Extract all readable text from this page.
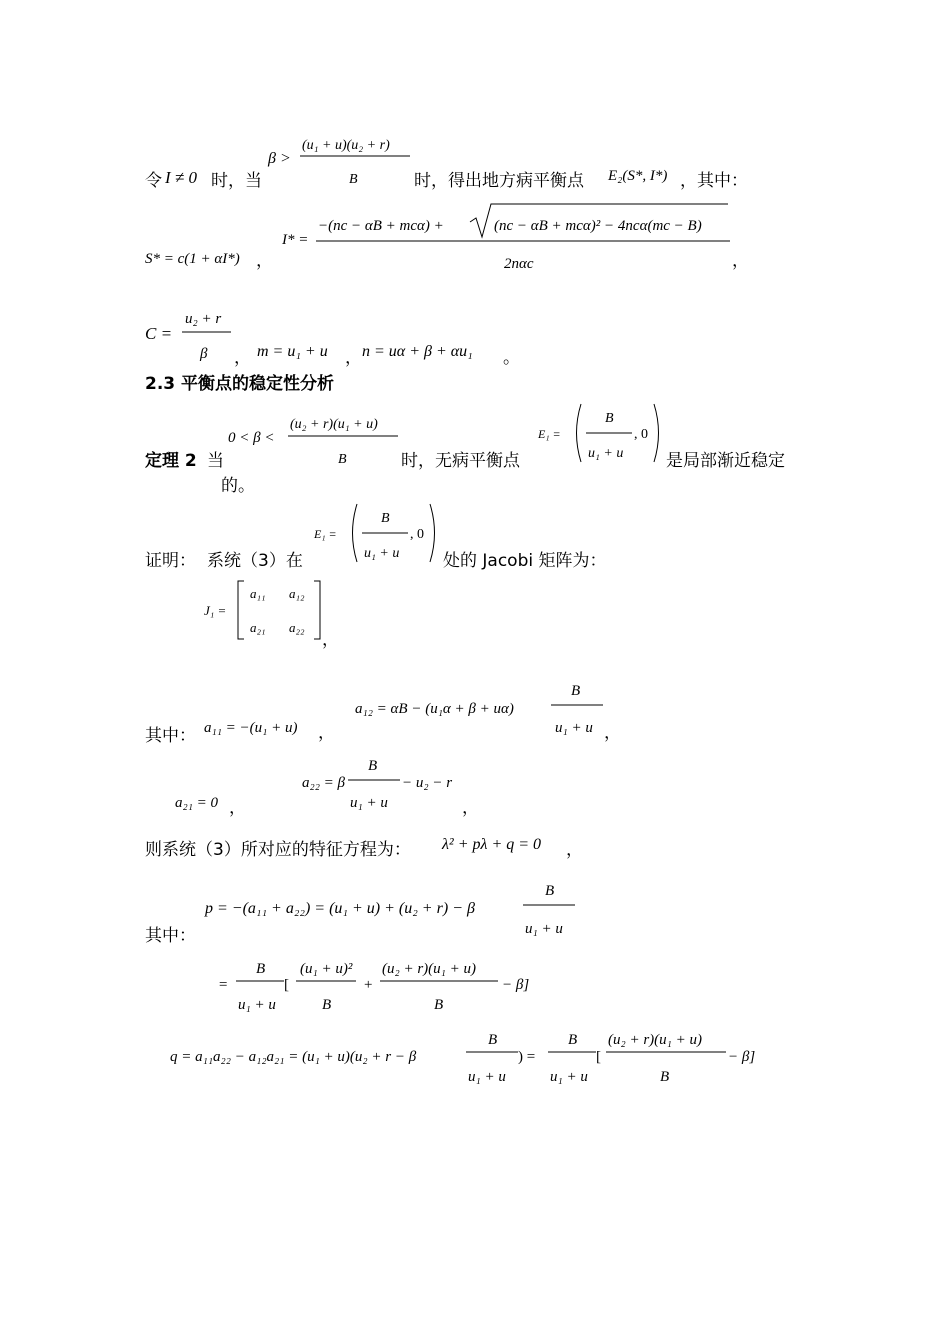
令 I ≠ 0 时，当
β >
(u₁ + u)(u₂ + r)
B	时，得出地方病平衡点 E₂(S*, I*) ，其中：
S* = c(1 + αI*) ，
I* =
−(nc − αB + mcα) +	(nc − αB + mcα)² − 4ncα(mc − B)
2nαc	，
C =
u₂ + r
β ， m = u₁ + u ， n = uα + β + αu₁ 。
2.3 平衡点的稳定性分析
定理 2 当
0 < β <
(u₂ + r)(u₁ + u)
B	时，无病平衡点
E₁ =
B
u₁ + u
, 0
是局部渐近稳定
的。
证明： 系统（3）在
E₁ =
B
u₁ + u
, 0
处的 Jacobi 矩阵为：
J₁ =
a₁₁ a₁₂
a₂₁ a₂₂
，
其中： a₁₁ = −(u₁ + u) ，
a₁₂ = αB − (u₁α + β + uα)
B
u₁ + u ，
a₂₁ = 0 ，
a₂₂ = β
B
u₁ + u
− u₂ − r
，
则系统（3）所对应的特征方程为： λ² + pλ + q = 0 ，
p = −(a₁₁ + a₂₂) = (u₁ + u) + (u₂ + r) − β
B
u₁ + u
其中：
=
B
u₁ + u
[
(u₁ + u)²
B
+
(u₂ + r)(u₁ + u)
B
− β]
q = a₁₁a₂₂ − a₁₂a₂₁ = (u₁ + u)(u₂ + r − β
B
u₁ + u
) =
B
u₁ + u
[
(u₂ + r)(u₁ + u)
B
− β]
